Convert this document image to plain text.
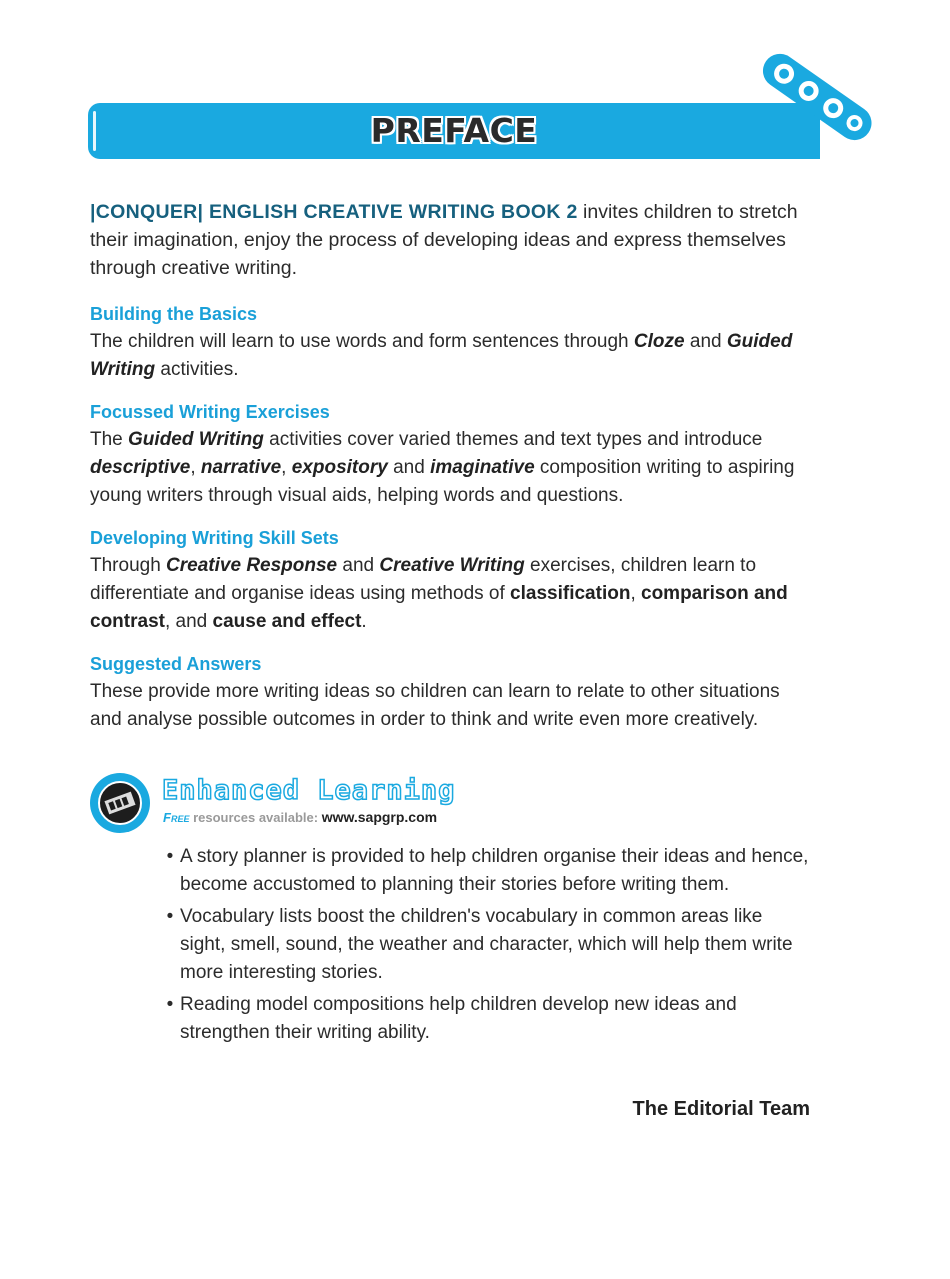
PREFACE

|CONQUER| ENGLISH CREATIVE WRITING BOOK 2 invites children to stretch their imagination, enjoy the process of developing ideas and express themselves through creative writing.

Building the Basics

The children will learn to use words and form sentences through Cloze and Guided Writing activities.

Focussed Writing Exercises

The Guided Writing activities cover varied themes and text types and introduce descriptive, narrative, expository and imaginative composition writing to aspiring young writers through visual aids, helping words and questions.

Developing Writing Skill Sets

Through Creative Response and Creative Writing exercises, children learn to differentiate and organise ideas using methods of classification, comparison and contrast, and cause and effect.

Suggested Answers

These provide more writing ideas so children can learn to relate to other situations and analyse possible outcomes in order to think and write even more creatively.

Enhanced Learning
Free resources available: www.sapgrp.com
• A story planner is provided to help children organise their ideas and hence, become accustomed to planning their stories before writing them.
• Vocabulary lists boost the children's vocabulary in common areas like sight, smell, sound, the weather and character, which will help them write more interesting stories.
• Reading model compositions help children develop new ideas and strengthen their writing ability.
The Editorial Team
